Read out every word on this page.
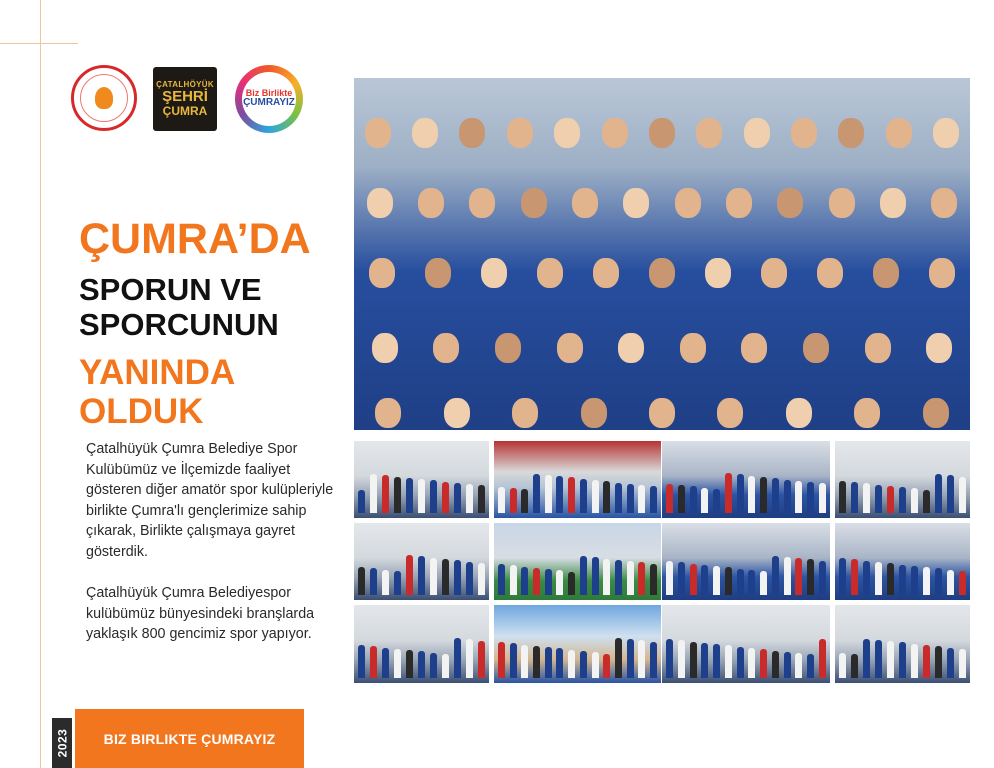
ÇATALHÖYÜK
ŞEHRİ
ÇUMRA
Biz Birlikte
ÇUMRAYIZ
ÇUMRA’DA
SPORUN VE
SPORCUNUN
YANINDA
OLDUK

Çatalhüyük Çumra Belediye Spor Kulübümüz ve İlçemizde faaliyet gösteren diğer amatör spor kulüpleriyle birlikte Çumra'lı gençlerimize sahip çıkarak, Birlikte çalışmaya gayret gösterdik.

Çatalhüyük Çumra Belediyespor kulübümüz bünyesindeki branşlarda yaklaşık 800 gencimiz spor yapıyor.

2023 BIZ BIRLIKTE ÇUMRAYIZ
